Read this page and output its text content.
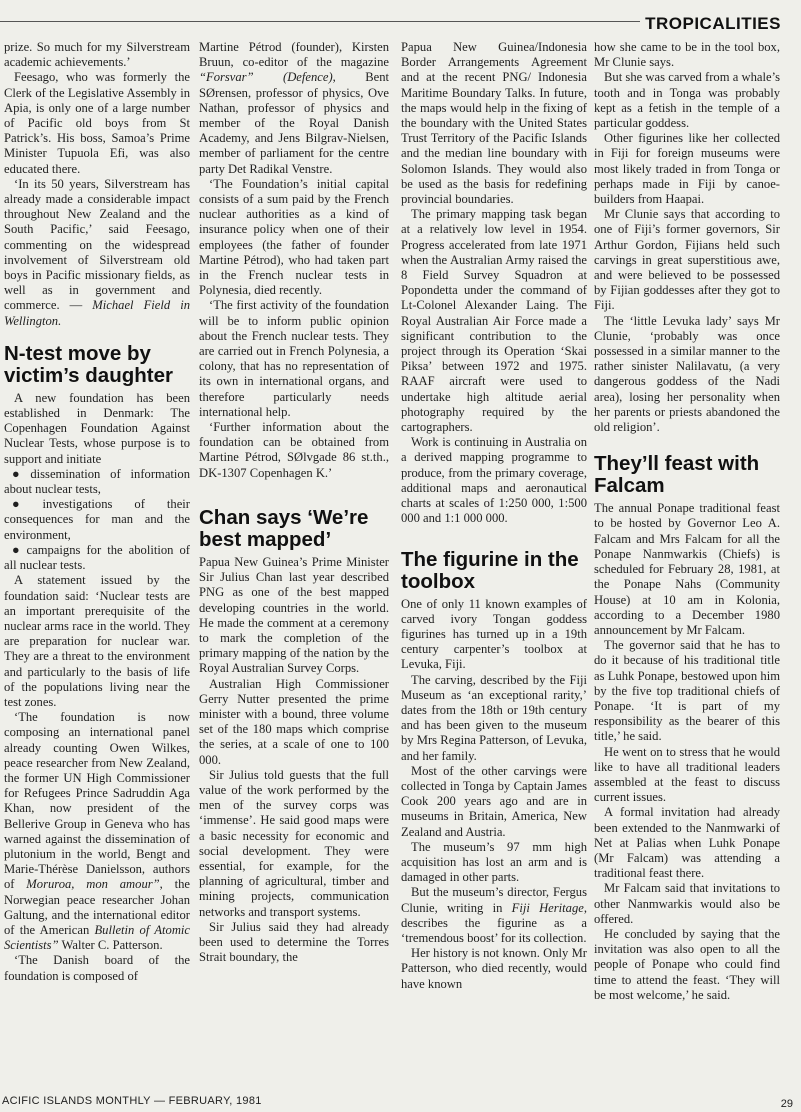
TROPICALITIES

prize. So much for my Silverstream academic achievements.’

Feesago, who was formerly the Clerk of the Legislative Assembly in Apia, is only one of a large number of Pacific old boys from St Patrick’s. His boss, Samoa’s Prime Minister Tupuola Efi, was also educated there.

‘In its 50 years, Silverstream has already made a considerable impact throughout New Zealand and the South Pacific,’ said Feesago, commenting on the widespread involvement of Silverstream old boys in Pacific missionary fields, as well as in government and commerce. — Michael Field in Wellington.

N-test move by victim’s daughter

A new foundation has been established in Denmark: The Copenhagen Foundation Against Nuclear Tests, whose purpose is to support and initiate

● dissemination of information about nuclear tests,
● investigations of their consequences for man and the environment,
● campaigns for the abolition of all nuclear tests.

A statement issued by the foundation said: ‘Nuclear tests are an important prerequisite of the nuclear arms race in the world. They are preparation for nuclear war. They are a threat to the environment and particularly to the basis of life of the populations living near the test zones.

‘The foundation is now composing an international panel already counting Owen Wilkes, peace researcher from New Zealand, the former UN High Commissioner for Refugees Prince Sadruddin Aga Khan, now president of the Bellerive Group in Geneva who has warned against the dissemination of plutonium in the world, Bengt and Marie-Thérèse Danielsson, authors of Moruroa, mon amour”, the Norwegian peace researcher Johan Galtung, and the international editor of the American Bulletin of Atomic Scientists” Walter C. Patterson.

‘The Danish board of the foundation is composed of

Martine Pétrod (founder), Kirsten Bruun, co-editor of the magazine “Forsvar” (Defence), Bent SØrensen, professor of physics, Ove Nathan, professor of physics and member of the Royal Danish Academy, and Jens Bilgrav-Nielsen, member of parliament for the centre party Det Radikal Venstre.

‘The Foundation’s initial capital consists of a sum paid by the French nuclear authorities as a kind of insurance policy when one of their employees (the father of founder Martine Pétrod), who had taken part in the French nuclear tests in Polynesia, died recently.

‘The first activity of the foundation will be to inform public opinion about the French nuclear tests. They are carried out in French Polynesia, a colony, that has no representation of its own in international organs, and therefore particularly needs international help.

‘Further information about the foundation can be obtained from Martine Pétrod, SØlvgade 86 st.th., DK-1307 Copenhagen K.’

Chan says ‘We’re best mapped’

Papua New Guinea’s Prime Minister Sir Julius Chan last year described PNG as one of the best mapped developing countries in the world. He made the comment at a ceremony to mark the completion of the primary mapping of the nation by the Royal Australian Survey Corps.

Australian High Commissioner Gerry Nutter presented the prime minister with a bound, three volume set of the 180 maps which comprise the series, at a scale of one to 100 000.

Sir Julius told guests that the full value of the work performed by the men of the survey corps was ‘immense’. He said good maps were a basic necessity for economic and social development. They were essential, for example, for the planning of agricultural, timber and mining projects, communication networks and transport systems.

Sir Julius said they had already been used to determine the Torres Strait boundary, the

Papua New Guinea/Indonesia Border Arrangements Agreement and at the recent PNG/ Indonesia Maritime Boundary Talks. In future, the maps would help in the fixing of the boundary with the United States Trust Territory of the Pacific Islands and the median line boundary with Solomon Islands. They would also be used as the basis for redefining provincial boundaries.

The primary mapping task began at a relatively low level in 1954. Progress accelerated from late 1971 when the Australian Army raised the 8 Field Survey Squadron at Popondetta under the command of Lt-Colonel Alexander Laing. The Royal Australian Air Force made a significant contribution to the project through its Operation ‘Skai Piksa’ between 1972 and 1975. RAAF aircraft were used to undertake high altitude aerial photography required by the cartographers.

Work is continuing in Australia on a derived mapping programme to produce, from the primary coverage, additional maps and aeronautical charts at scales of 1:250 000, 1:500 000 and 1:1 000 000.

The figurine in the toolbox

One of only 11 known examples of carved ivory Tongan goddess figurines has turned up in a 19th century carpenter’s toolbox at Levuka, Fiji.

The carving, described by the Fiji Museum as ‘an exceptional rarity,’ dates from the 18th or 19th century and has been given to the museum by Mrs Regina Patterson, of Levuka, and her family.

Most of the other carvings were collected in Tonga by Captain James Cook 200 years ago and are in museums in Britain, America, New Zealand and Austria.

The museum’s 97 mm high acquisition has lost an arm and is damaged in other parts.

But the museum’s director, Fergus Clunie, writing in Fiji Heritage, describes the figurine as a ‘tremendous boost’ for its collection.

Her history is not known. Only Mr Patterson, who died recently, would have known

how she came to be in the tool box, Mr Clunie says.

But she was carved from a whale’s tooth and in Tonga was probably kept as a fetish in the temple of a particular goddess.

Other figurines like her collected in Fiji for foreign museums were most likely traded in from Tonga or perhaps made in Fiji by canoe-builders from Haapai.

Mr Clunie says that according to one of Fiji’s former governors, Sir Arthur Gordon, Fijians held such carvings in great superstitious awe, and were believed to be possessed by Fijian goddesses after they got to Fiji.

The ‘little Levuka lady’ says Mr Clunie, ‘probably was once possessed in a similar manner to the rather sinister Nalilavatu, (a very dangerous goddess of the Nadi area), losing her personality when her parents or priests abandoned the old religion’.

They’ll feast with Falcam

The annual Ponape traditional feast to be hosted by Governor Leo A. Falcam and Mrs Falcam for all the Ponape Nanmwarkis (Chiefs) is scheduled for February 28, 1981, at the Ponape Nahs (Community House) at 10 am in Kolonia, according to a December 1980 announcement by Mr Falcam.

The governor said that he has to do it because of his traditional title as Luhk Ponape, bestowed upon him by the five top traditional chiefs of Ponape. ‘It is part of my responsibility as the bearer of this title,’ he said.

He went on to stress that he would like to have all traditional leaders assembled at the feast to discuss current issues.

A formal invitation had already been extended to the Nanmwarki of Net at Palias when Luhk Ponape (Mr Falcam) was attending a traditional feast there.

Mr Falcam said that invitations to other Nanmwarkis would also be offered.

He concluded by saying that the invitation was also open to all the people of Ponape who could find time to attend the feast. ‘They will be most welcome,’ he said.

ACIFIC ISLANDS MONTHLY — FEBRUARY, 1981	29
